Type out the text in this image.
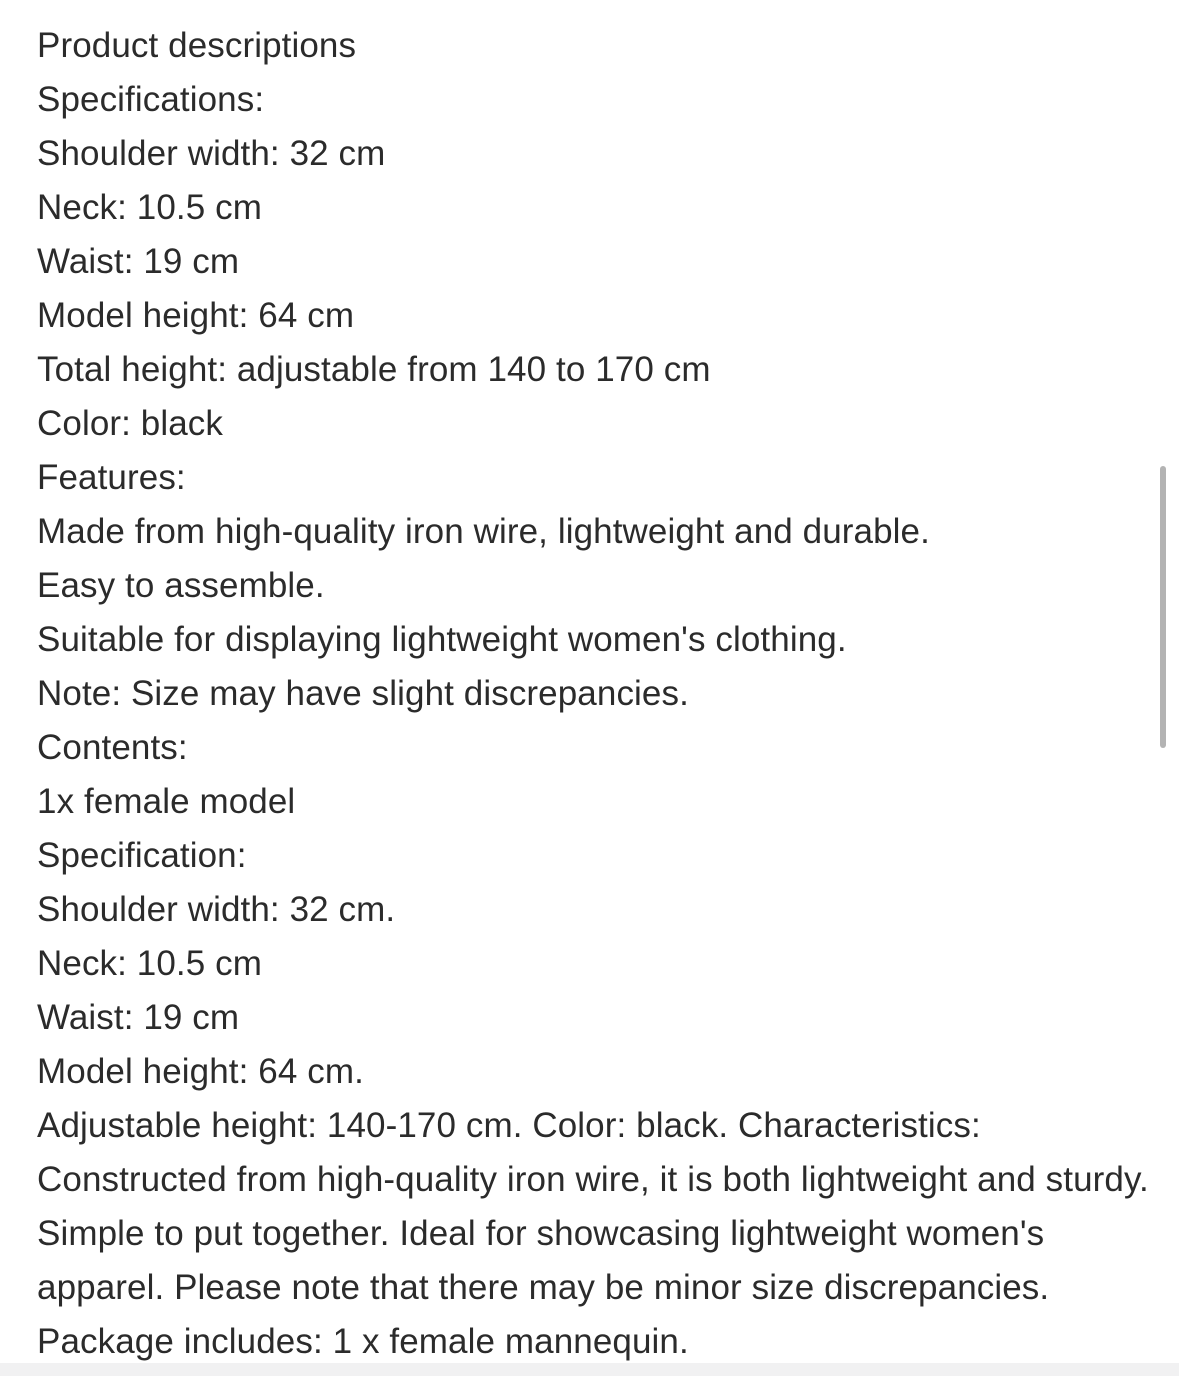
Product descriptions
Specifications:
Shoulder width: 32 cm
Neck: 10.5 cm
Waist: 19 cm
Model height: 64 cm
Total height: adjustable from 140 to 170 cm
Color: black
Features:
Made from high-quality iron wire, lightweight and durable.
Easy to assemble.
Suitable for displaying lightweight women's clothing.
Note: Size may have slight discrepancies.
Contents:
1x female model
Specification:
Shoulder width: 32 cm.
Neck: 10.5 cm
Waist: 19 cm
Model height: 64 cm.
Adjustable height: 140-170 cm. Color: black. Characteristics: Constructed from high-quality iron wire, it is both lightweight and sturdy. Simple to put together. Ideal for showcasing lightweight women's apparel. Please note that there may be minor size discrepancies. Package includes: 1 x female mannequin.
